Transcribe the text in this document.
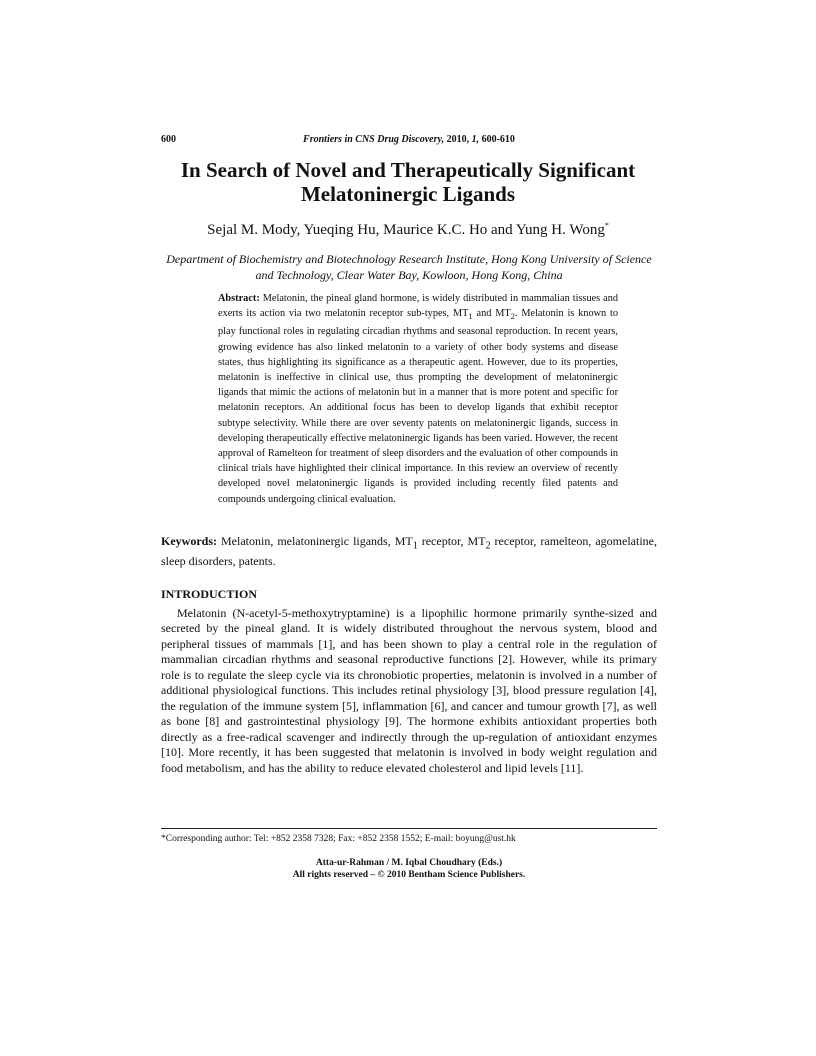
600	Frontiers in CNS Drug Discovery, 2010, 1, 600-610
In Search of Novel and Therapeutically Significant Melatoninergic Ligands
Sejal M. Mody, Yueqing Hu, Maurice K.C. Ho and Yung H. Wong*
Department of Biochemistry and Biotechnology Research Institute, Hong Kong University of Science and Technology, Clear Water Bay, Kowloon, Hong Kong, China
Abstract: Melatonin, the pineal gland hormone, is widely distributed in mammalian tissues and exerts its action via two melatonin receptor sub-types, $MT_1$ and $MT_2$. Melatonin is known to play functional roles in regulating circadian rhythms and seasonal reproduction. In recent years, growing evidence has also linked melatonin to a variety of other body systems and disease states, thus highlighting its significance as a therapeutic agent. However, due to its properties, melatonin is ineffective in clinical use, thus prompting the development of melatoninergic ligands that mimic the actions of melatonin but in a manner that is more potent and specific for melatonin receptors. An additional focus has been to develop ligands that exhibit receptor subtype selectivity. While there are over seventy patents on melatoninergic ligands, success in developing therapeutically effective melatoninergic ligands has been varied. However, the recent approval of Ramelteon for treatment of sleep disorders and the evaluation of other compounds in clinical trials have highlighted their clinical importance. In this review an overview of recently developed novel melatoninergic ligands is provided including recently filed patents and compounds undergoing clinical evaluation.
Keywords: Melatonin, melatoninergic ligands, $MT_1$ receptor, $MT_2$ receptor, ramelteon, agomelatine, sleep disorders, patents.
INTRODUCTION

Melatonin (N-acetyl-5-methoxytryptamine) is a lipophilic hormone primarily synthe-sized and secreted by the pineal gland. It is widely distributed throughout the nervous system, blood and peripheral tissues of mammals [1], and has been shown to play a central role in the regulation of mammalian circadian rhythms and seasonal reproductive functions [2]. However, while its primary role is to regulate the sleep cycle via its chronobiotic properties, melatonin is involved in a number of additional physiological functions. This includes retinal physiology [3], blood pressure regulation [4], the regulation of the immune system [5], inflammation [6], and cancer and tumour growth [7], as well as bone [8] and gastrointestinal physiology [9]. The hormone exhibits antioxidant properties both directly as a free-radical scavenger and indirectly through the up-regulation of antioxidant enzymes [10]. More recently, it has been suggested that melatonin is involved in body weight regulation and food metabolism, and has the ability to reduce elevated cholesterol and lipid levels [11].

*Corresponding author: Tel: +852 2358 7328; Fax: +852 2358 1552; E-mail: boyung@ust.hk
Atta-ur-Rahman / M. Iqbal Choudhary (Eds.)
All rights reserved – © 2010 Bentham Science Publishers.
